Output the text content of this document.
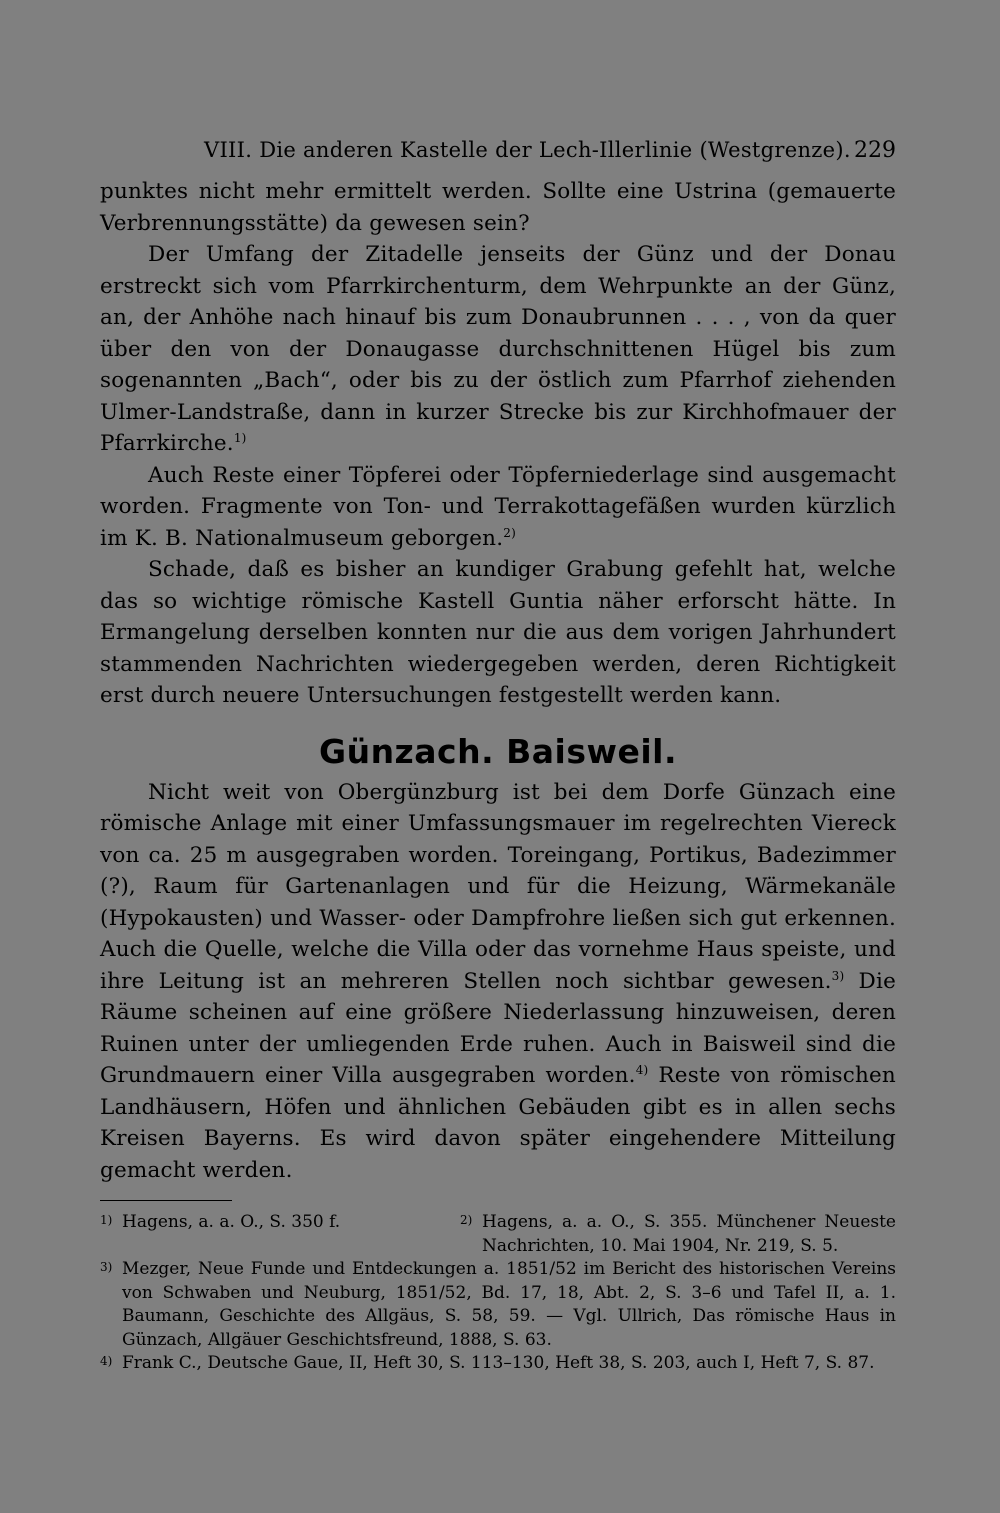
VIII. Die anderen Kastelle der Lech-Illerlinie (Westgrenze). 229

punktes nicht mehr ermittelt werden. Sollte eine Ustrina (gemauerte Verbrennungsstätte) da gewesen sein?

Der Umfang der Zitadelle jenseits der Günz und der Donau erstreckt sich vom Pfarrkirchenturm, dem Wehrpunkte an der Günz, an, der Anhöhe nach hinauf bis zum Donaubrunnen . . . , von da quer über den von der Donaugasse durchschnittenen Hügel bis zum sogenannten „Bach“, oder bis zu der östlich zum Pfarrhof ziehenden Ulmer-Landstraße, dann in kurzer Strecke bis zur Kirchhofmauer der Pfarrkirche.$^{1)}$

Auch Reste einer Töpferei oder Töpferniederlage sind ausgemacht worden. Fragmente von Ton- und Terrakottagefäßen wurden kürzlich im K. B. Nationalmuseum geborgen.$^{2)}$

Schade, daß es bisher an kundiger Grabung gefehlt hat, welche das so wichtige römische Kastell Guntia näher erforscht hätte. In Ermangelung derselben konnten nur die aus dem vorigen Jahrhundert stammenden Nachrichten wiedergegeben werden, deren Richtigkeit erst durch neuere Untersuchungen festgestellt werden kann.

Günzach. Baisweil.

Nicht weit von Obergünzburg ist bei dem Dorfe Günzach eine römische Anlage mit einer Umfassungsmauer im regelrechten Viereck von ca. 25 m ausgegraben worden. Toreingang, Portikus, Badezimmer (?), Raum für Gartenanlagen und für die Heizung, Wärmekanäle (Hypokausten) und Wasser- oder Dampfrohre ließen sich gut erkennen. Auch die Quelle, welche die Villa oder das vornehme Haus speiste, und ihre Leitung ist an mehreren Stellen noch sichtbar gewesen.$^{3)}$ Die Räume scheinen auf eine größere Niederlassung hinzuweisen, deren Ruinen unter der umliegenden Erde ruhen. Auch in Baisweil sind die Grundmauern einer Villa ausgegraben worden.$^{4)}$ Reste von römischen Landhäusern, Höfen und ähnlichen Gebäuden gibt es in allen sechs Kreisen Bayerns. Es wird davon später eingehendere Mitteilung gemacht werden.

1) Hagens, a. a. O., S. 350 f.	2) Hagens, a. a. O., S. 355. Münchener Neueste Nachrichten, 10. Mai 1904, Nr. 219, S. 5.
3) Mezger, Neue Funde und Entdeckungen a. 1851/52 im Bericht des historischen Vereins von Schwaben und Neuburg, 1851/52, Bd. 17, 18, Abt. 2, S. 3–6 und Tafel II, a. 1. Baumann, Geschichte des Allgäus, S. 58, 59. — Vgl. Ullrich, Das römische Haus in Günzach, Allgäuer Geschichtsfreund, 1888, S. 63.
4) Frank C., Deutsche Gaue, II, Heft 30, S. 113–130, Heft 38, S. 203, auch I, Heft 7, S. 87.
